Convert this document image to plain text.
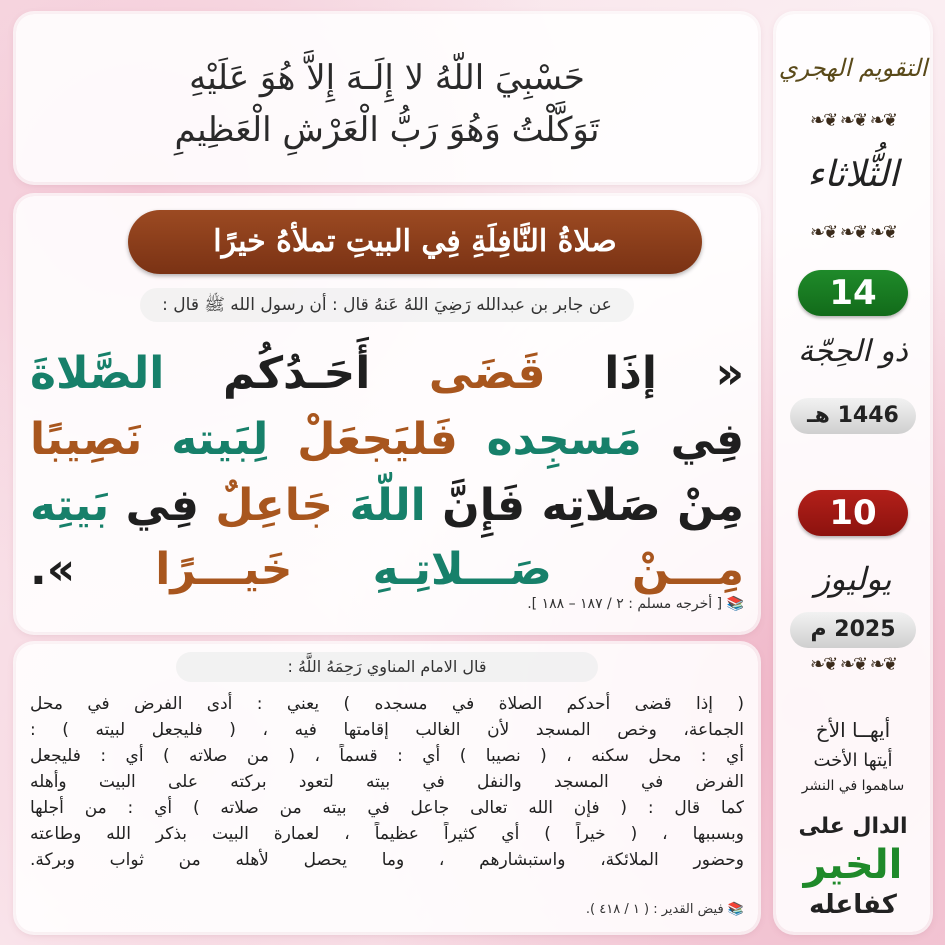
حَسْبِيَ اللّهُ لا إِلَـهَ إِلاَّ هُوَ عَلَيْهِ
تَوَكَّلْتُ وَهُوَ رَبُّ الْعَرْشِ الْعَظِيمِ
صلاةُ النَّافِلَةِ فِي البيتِ تملأهُ خيرًا
عن جابر بن عبدالله رَضِيَ اللهُ عَنهُ قال : أن رسول الله ﷺ قال :
« إذَا قَضَى أَحَـدُكُم الصَّلاةَ
فِي مَسجِده فَليَجعَلْ لِبَيته نَصِيبًا
مِنْ صَلاتِه فَإِنَّ اللّهَ جَاعِلٌ فِي بَيتِه
مِـــنْ صَـــلاتِـهِ خَيـــرًا ».‏
📚 [ أخرجه مسلم : ٢ / ١٨٧ – ١٨٨ ].
قال الامام المناوي رَحِمَهُ اللَّهُ :
( إذا قضى أحدكم الصلاة في مسجده ) يعني : أدى الفرض في محل
الجماعة، وخص المسجد لأن الغالب إقامتها فيه ، ( فليجعل لبيته ) :
أي : محل سكنه ، ( نصيبا ) أي : قسماً ، ( من صلاته ) أي : فليجعل
الفرض في المسجد والنفل في بيته لتعود بركته على البيت وأهله
كما قال : ( فإن الله تعالى جاعل في بيته من صلاته ) أي : من أجلها
وبسببها ، ( خيراً ) أي كثيراً عظيماً ، لعمارة البيت بذكر الله وطاعته
وحضور الملائكة، واستبشارهم ، وما يحصل لأهله من ثواب وبركة.
📚 فيض القدير : ( ١ / ٤١٨ ).
التقويم الهجري
❦❧ ❦❧ ❦❧
الثُّلاثاء
❦❧ ❦❧ ❦❧
14
ذو الحِجّة
1446 هـ
10
يوليوز
2025 م
❦❧ ❦❧ ❦❧
أيهــا الأخ
أيتها الأخت
ساهموا في النشر
الدال على
الخير
كفاعله
